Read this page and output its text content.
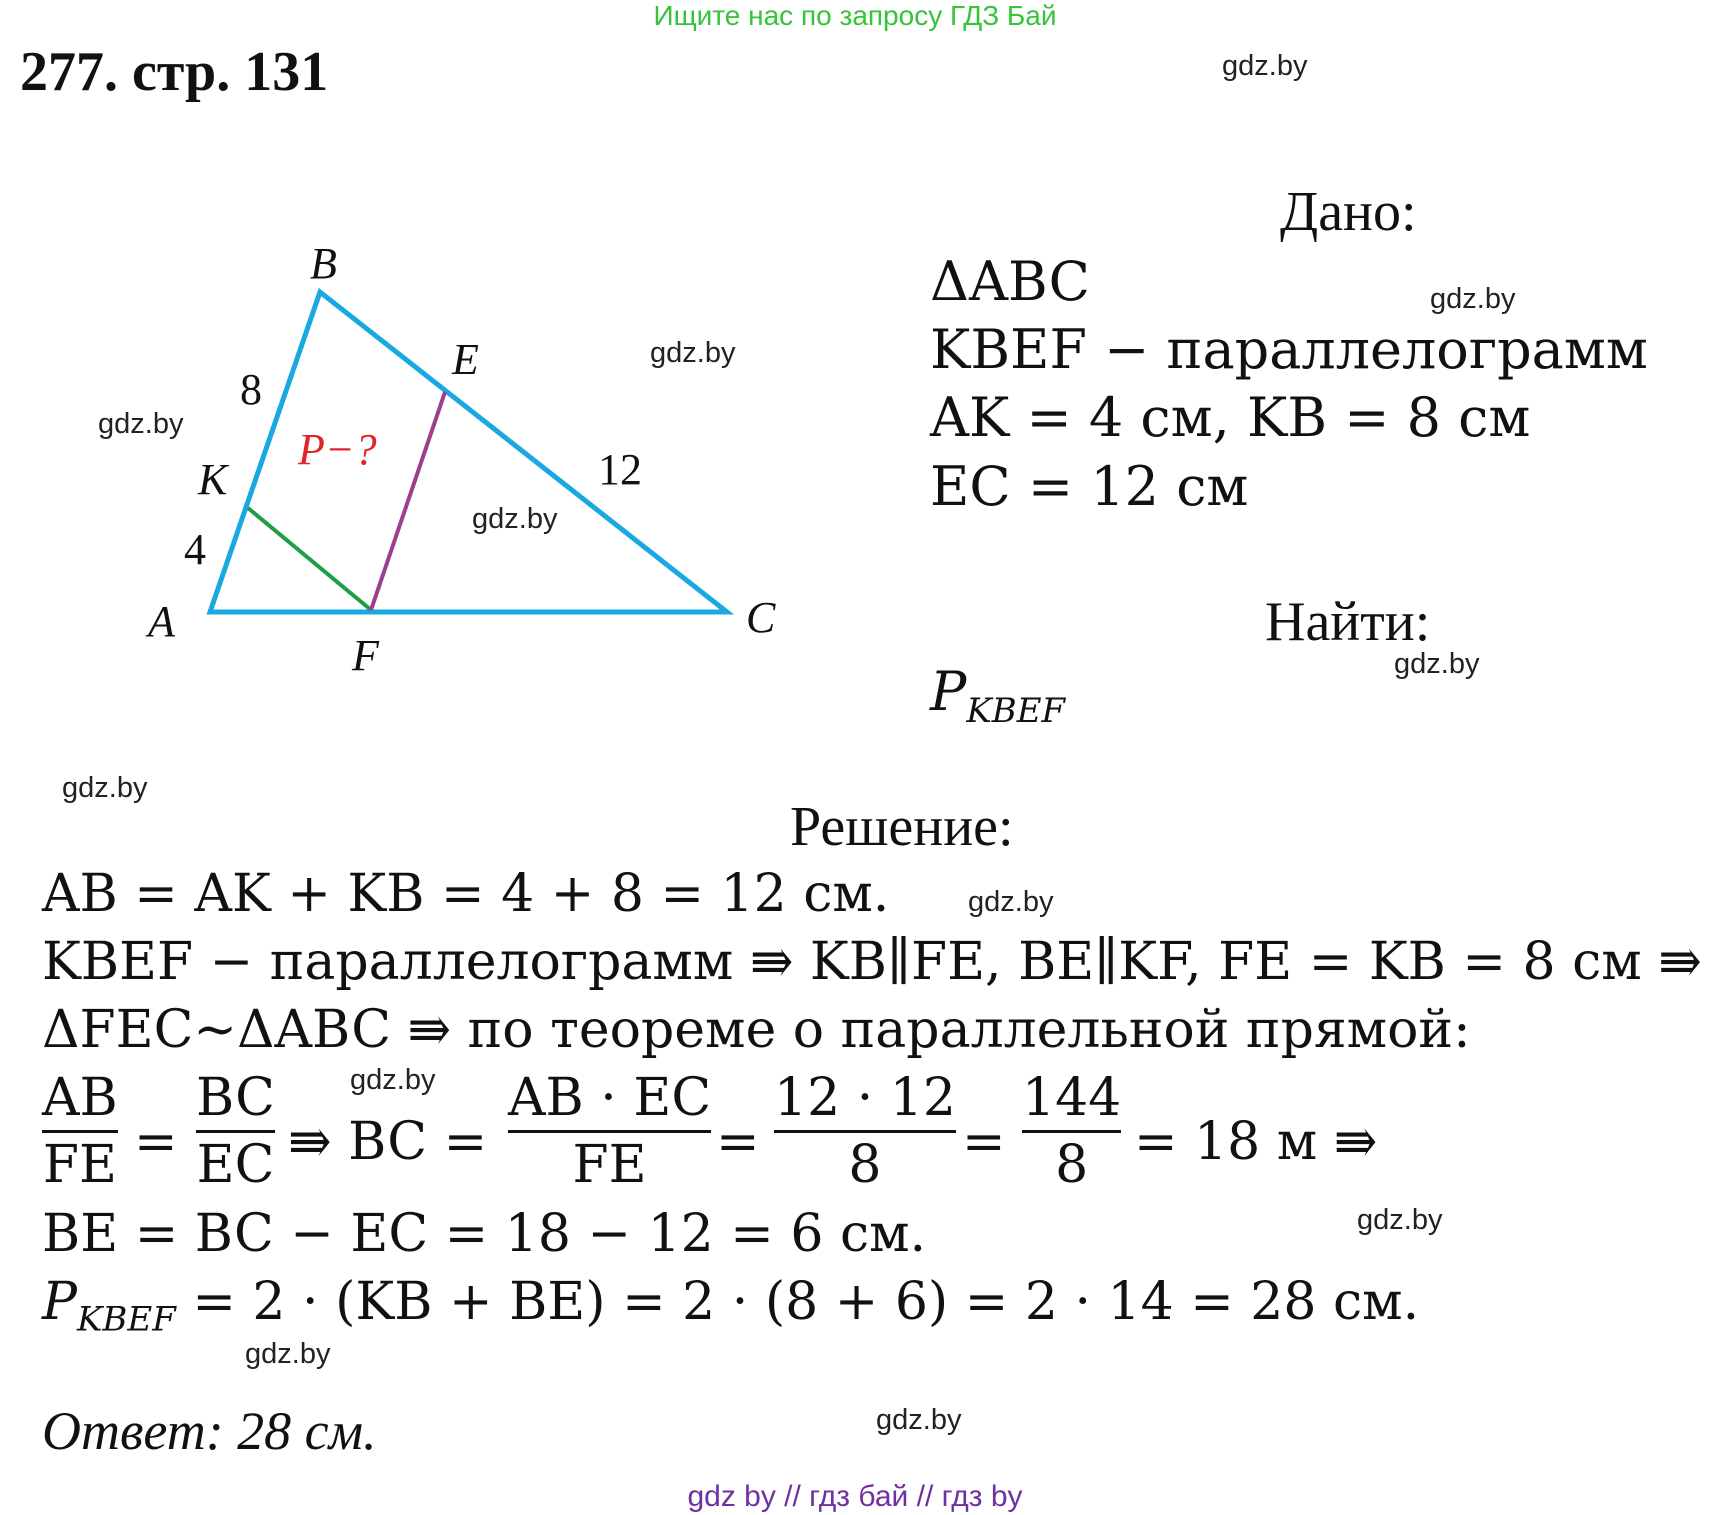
Ищите нас по запросу ГДЗ Бай
277. стр. 131	gdz.by
gdz.by
gdz.by
gdz.by
gdz.by
gdz.by
gdz.by
gdz.by
gdz.by
gdz.by
gdz.by
gdz.by
B
E
K
A
F
C
8
4
12
P−?
Дано:
ΔABC
KBEF − параллелограмм
AK = 4 см, KB = 8 см
EC = 12 см
Найти:
$P_{KBEF}$
Решение:
AB = AK + KB = 4 + 8 = 12 см.
KBEF − параллелограмм ⇛ KB∥FE, BE∥KF, FE = KB = 8 см ⇛
ΔFEC~ΔABC ⇛ по теореме о параллельной прямой:
AB
FE =
BC
EC ⇛ BC =
AB · EC
FE =
12 · 12
8 =
144
8 = 18 м ⇛
BE = BC − EC = 18 − 12 = 6 см.
$P_{KBEF} = 2 \cdot (KB + BE) = 2 \cdot (8 + 6) = 2 \cdot 14 = 28$ см.
Ответ: 28 см.
gdz by // гдз бай // гдз by
